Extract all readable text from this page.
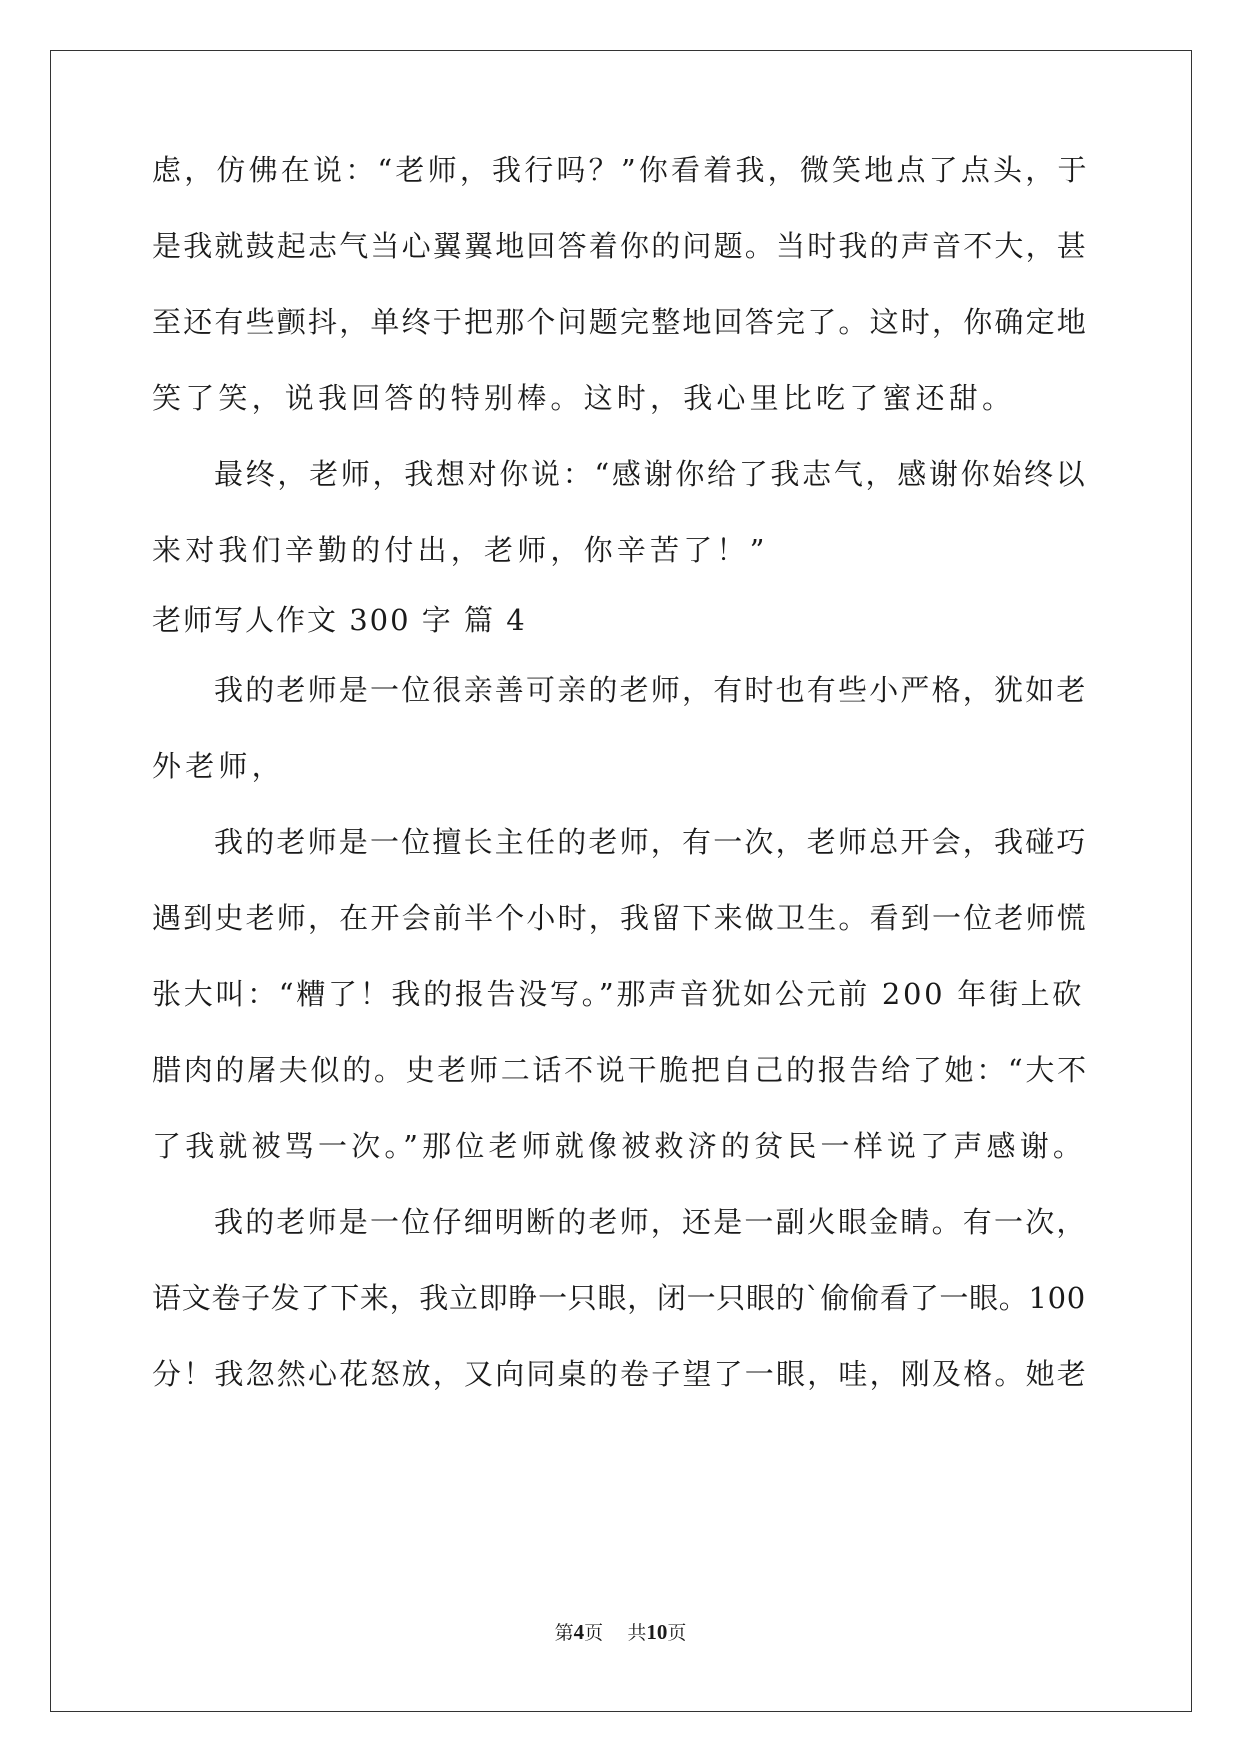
虑，仿佛在说：“老师，我行吗？”你看着我，微笑地点了点头，于
是我就鼓起志气当心翼翼地回答着你的问题。当时我的声音不大，甚
至还有些颤抖，单终于把那个问题完整地回答完了。这时，你确定地
笑了笑，说我回答的特别棒。这时，我心里比吃了蜜还甜。
最终，老师，我想对你说：“感谢你给了我志气，感谢你始终以
来对我们辛勤的付出，老师，你辛苦了！”
老师写人作文 300 字 篇 4
我的老师是一位很亲善可亲的老师，有时也有些小严格，犹如老
外老师，
我的老师是一位擅长主任的老师，有一次，老师总开会，我碰巧
遇到史老师，在开会前半个小时，我留下来做卫生。看到一位老师慌
张大叫：“糟了！我的报告没写。”那声音犹如公元前 200 年街上砍
腊肉的屠夫似的。史老师二话不说干脆把自己的报告给了她：“大不
了我就被骂一次。”那位老师就像被救济的贫民一样说了声感谢。
我的老师是一位仔细明断的老师，还是一副火眼金睛。有一次，
语文卷子发了下来，我立即睁一只眼，闭一只眼的`偷偷看了一眼。100
分！我忽然心花怒放，又向同桌的卷子望了一眼，哇，刚及格。她老
第4页 共10页
